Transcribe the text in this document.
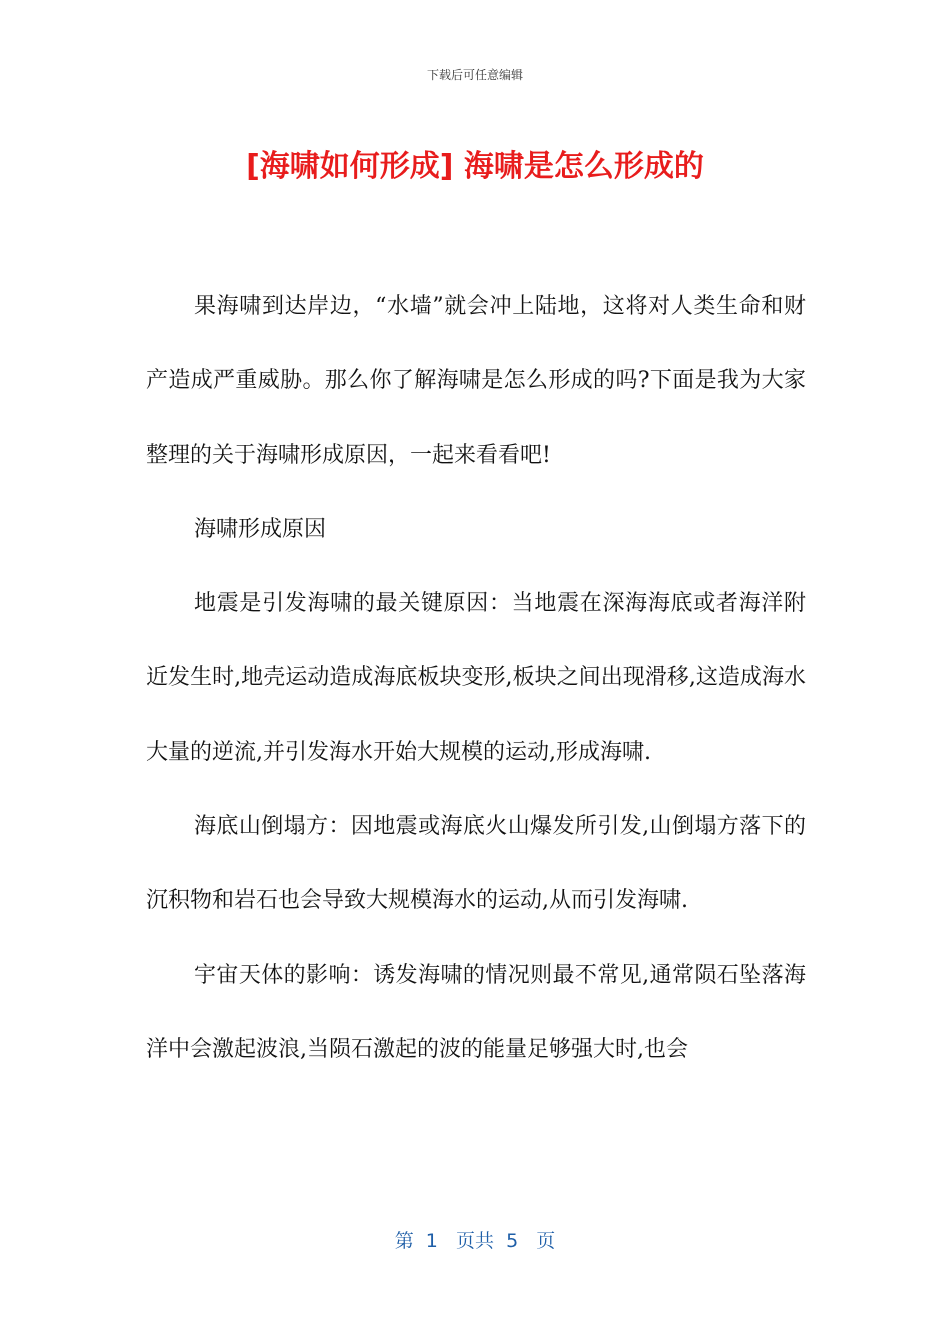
下载后可任意编辑
[海啸如何形成] 海啸是怎么形成的

果海啸到达岸边，“水墙”就会冲上陆地，这将对人类生命和财产造成严重威胁。那么你了解海啸是怎么形成的吗?下面是我为大家整理的关于海啸形成原因，一起来看看吧!

海啸形成原因

地震是引发海啸的最关键原因：当地震在深海海底或者海洋附近发生时,地壳运动造成海底板块变形,板块之间出现滑移,这造成海水大量的逆流,并引发海水开始大规模的运动,形成海啸.

海底山倒塌方：因地震或海底火山爆发所引发,山倒塌方落下的沉积物和岩石也会导致大规模海水的运动,从而引发海啸.

宇宙天体的影响：诱发海啸的情况则最不常见,通常陨石坠落海洋中会激起波浪,当陨石激起的波的能量足够强大时,也会

第  1   页共  5   页
